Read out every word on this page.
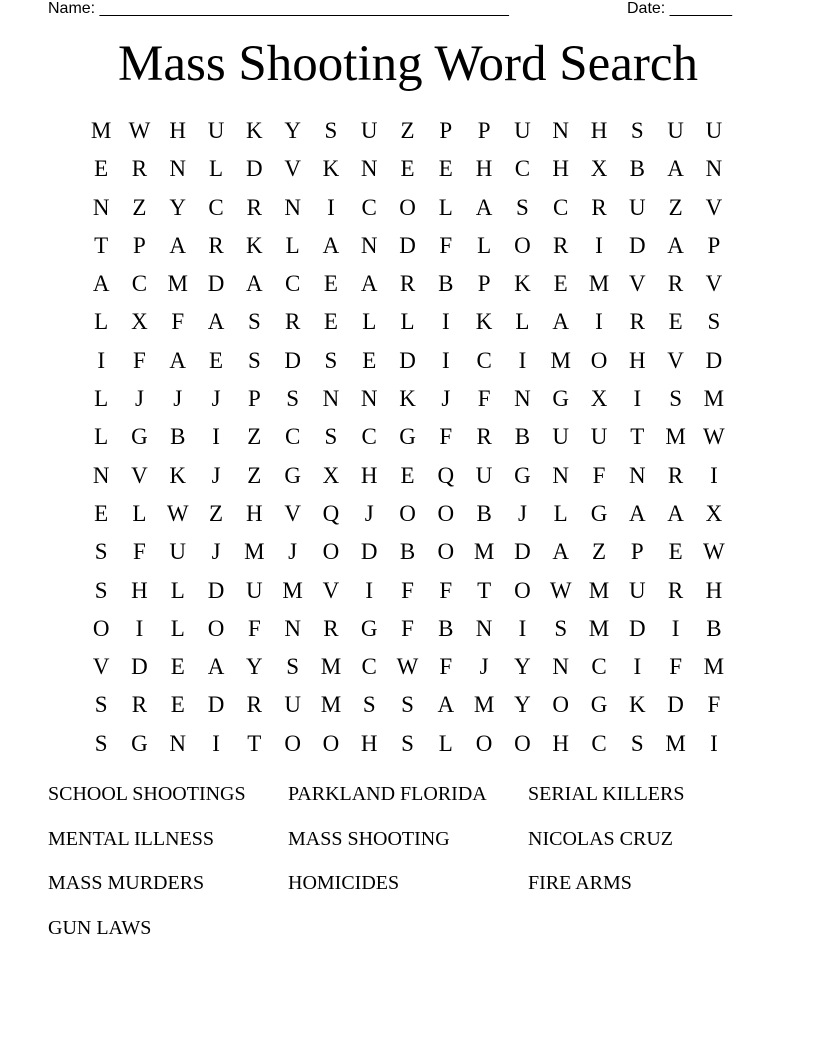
Name: ______________________________________________	Date: _______
Mass Shooting Word Search
M W H U K Y	S	U Z	P	P	U N H	S	U U
E	R N L D V K N E	E H C H X B A N
N Z Y C R N	I	C O L A	S	C R U Z V
T	P	A R K L A N D	F	L O R	I	D A	P
A C M D A C	E A R B	P	K E M V R V
L X	F	A	S	R	E	L	L	I	K L A	I	R	E	S
I	F	A E	S	D	S	E D	I	C	I	M O H V D
L	J	J	J	P	S	N N K	J	F	N G X	I	S M
L G B	I	Z	C	S	C G	F	R B U U T M W
N V K	J	Z G X H E Q U G N	F	N R	I
E	L W Z H V Q	J	O O B	J	L G A A X
S	F	U	J	M	J	O D B O M D A Z	P	E W
S	H L D U M V	I	F	F	T O W M U R H
O	I	L O	F	N R G	F	B N	I	S M D	I	B
V D E A Y	S M C W F	J	Y N C	I	F M
S	R	E D R U M S	S	A M Y O G K D	F
S	G N	I	T O O H	S	L O O H C	S M	I
SCHOOL SHOOTINGS	PARKLAND FLORIDA	SERIAL KILLERS
MENTAL ILLNESS	MASS SHOOTING	NICOLAS CRUZ
MASS MURDERS	HOMICIDES	FIRE ARMS
GUN LAWS
